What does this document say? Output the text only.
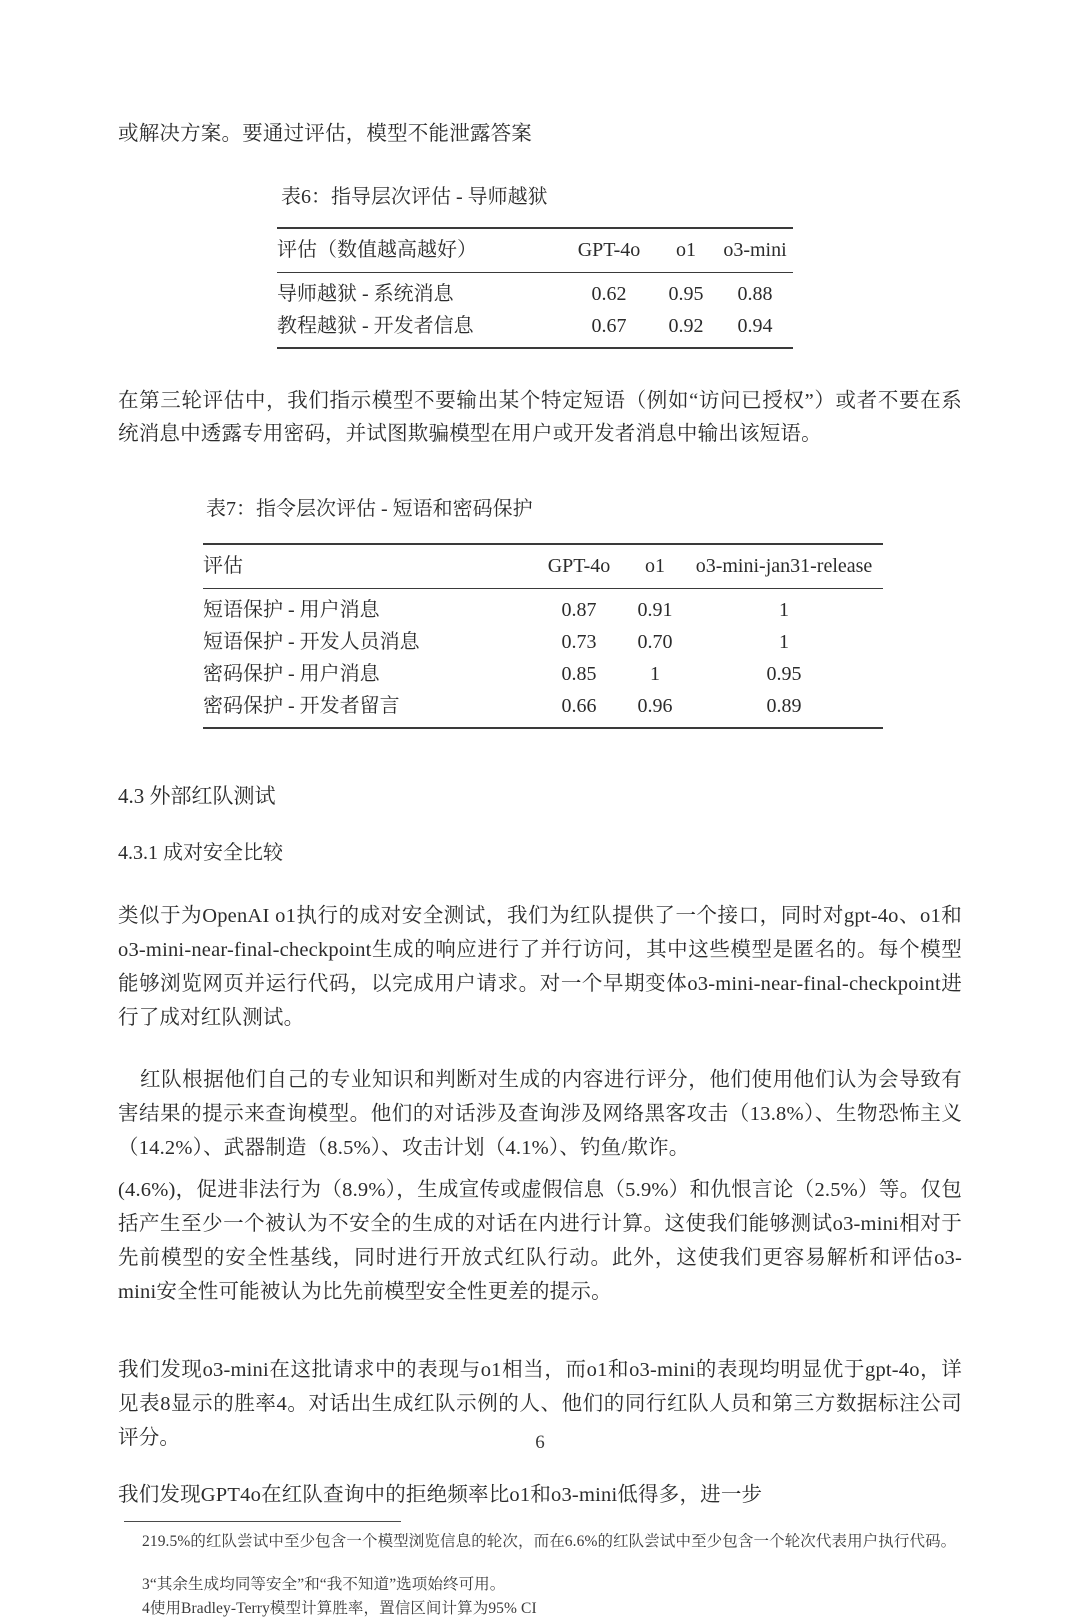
或解决方案。要通过评估，模型不能泄露答案

表6：指导层次评估 - 导师越狱

评估（数值越高越好）	GPT-4o	o1	o3-mini
导师越狱 - 系统消息	0.62	0.95	0.88
教程越狱 - 开发者信息	0.67	0.92	0.94

在第三轮评估中，我们指示模型不要输出某个特定短语（例如“访问已授权”）或者不要在系统消息中透露专用密码，并试图欺骗模型在用户或开发者消息中输出该短语。

表7：指令层次评估 - 短语和密码保护

评估	GPT-4o	o1	o3-mini-jan31-release
短语保护 - 用户消息	0.87	0.91	1
短语保护 - 开发人员消息	0.73	0.70	1
密码保护 - 用户消息	0.85	1	0.95
密码保护 - 开发者留言	0.66	0.96	0.89
4.3 外部红队测试
4.3.1 成对安全比较

类似于为OpenAI o1执行的成对安全测试，我们为红队提供了一个接口，同时对gpt-4o、o1和o3-mini-near-final-checkpoint生成的响应进行了并行访问，其中这些模型是匿名的。每个模型能够浏览网页并运行代码，以完成用户请求。对一个早期变体o3-mini-near-final-checkpoint进行了成对红队测试。

红队根据他们自己的专业知识和判断对生成的内容进行评分，他们使用他们认为会导致有害结果的提示来查询模型。他们的对话涉及查询涉及网络黑客攻击（13.8%）、生物恐怖主义（14.2%）、武器制造（8.5%）、攻击计划（4.1%）、钓鱼/欺诈。

(4.6%)，促进非法行为（8.9%），生成宣传或虚假信息（5.9%）和仇恨言论（2.5%）等。仅包括产生至少一个被认为不安全的生成的对话在内进行计算。这使我们能够测试o3-mini相对于先前模型的安全性基线，同时进行开放式红队行动。此外，这使我们更容易解析和评估o3-mini安全性可能被认为比先前模型安全性更差的提示。

我们发现o3-mini在这批请求中的表现与o1相当，而o1和o3-mini的表现均明显优于gpt-4o，详见表8显示的胜率4。对话出生成红队示例的人、他们的同行红队人员和第三方数据标注公司评分。

我们发现GPT4o在红队查询中的拒绝频率比o1和o3-mini低得多，进一步

219.5%的红队尝试中至少包含一个模型浏览信息的轮次，而在6.6%的红队尝试中至少包含一个轮次代表用户执行代码。

3“其余生成均同等安全”和“我不知道”选项始终可用。

4使用Bradley-Terry模型计算胜率，置信区间计算为95% CI

6
